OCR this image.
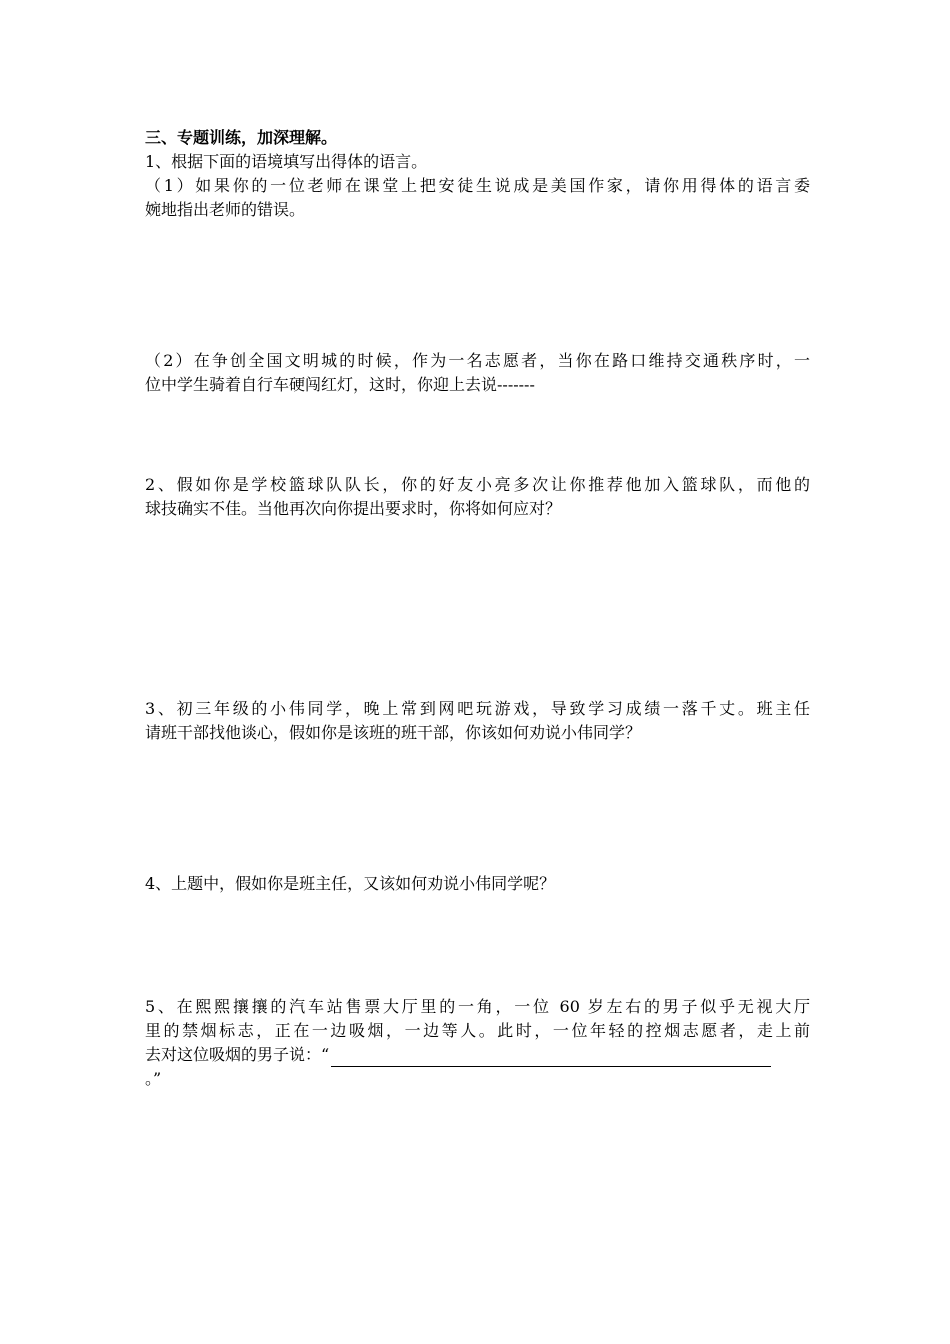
三、专题训练，加深理解。
1、根据下面的语境填写出得体的语言。
（1）如果你的一位老师在课堂上把安徒生说成是美国作家，请你用得体的语言委
婉地指出老师的错误。
（2）在争创全国文明城的时候，作为一名志愿者，当你在路口维持交通秩序时，一
位中学生骑着自行车硬闯红灯，这时，你迎上去说-------
2、假如你是学校篮球队队长，你的好友小亮多次让你推荐他加入篮球队，而他的
球技确实不佳。当他再次向你提出要求时，你将如何应对？
3、初三年级的小伟同学，晚上常到网吧玩游戏，导致学习成绩一落千丈。班主任
请班干部找他谈心，假如你是该班的班干部，你该如何劝说小伟同学？
4、上题中，假如你是班主任，又该如何劝说小伟同学呢？
5、在熙熙攘攘的汽车站售票大厅里的一角，一位 60 岁左右的男子似乎无视大厅
里的禁烟标志，正在一边吸烟，一边等人。此时，一位年轻的控烟志愿者，走上前
去对这位吸烟的男子说：“
。”
